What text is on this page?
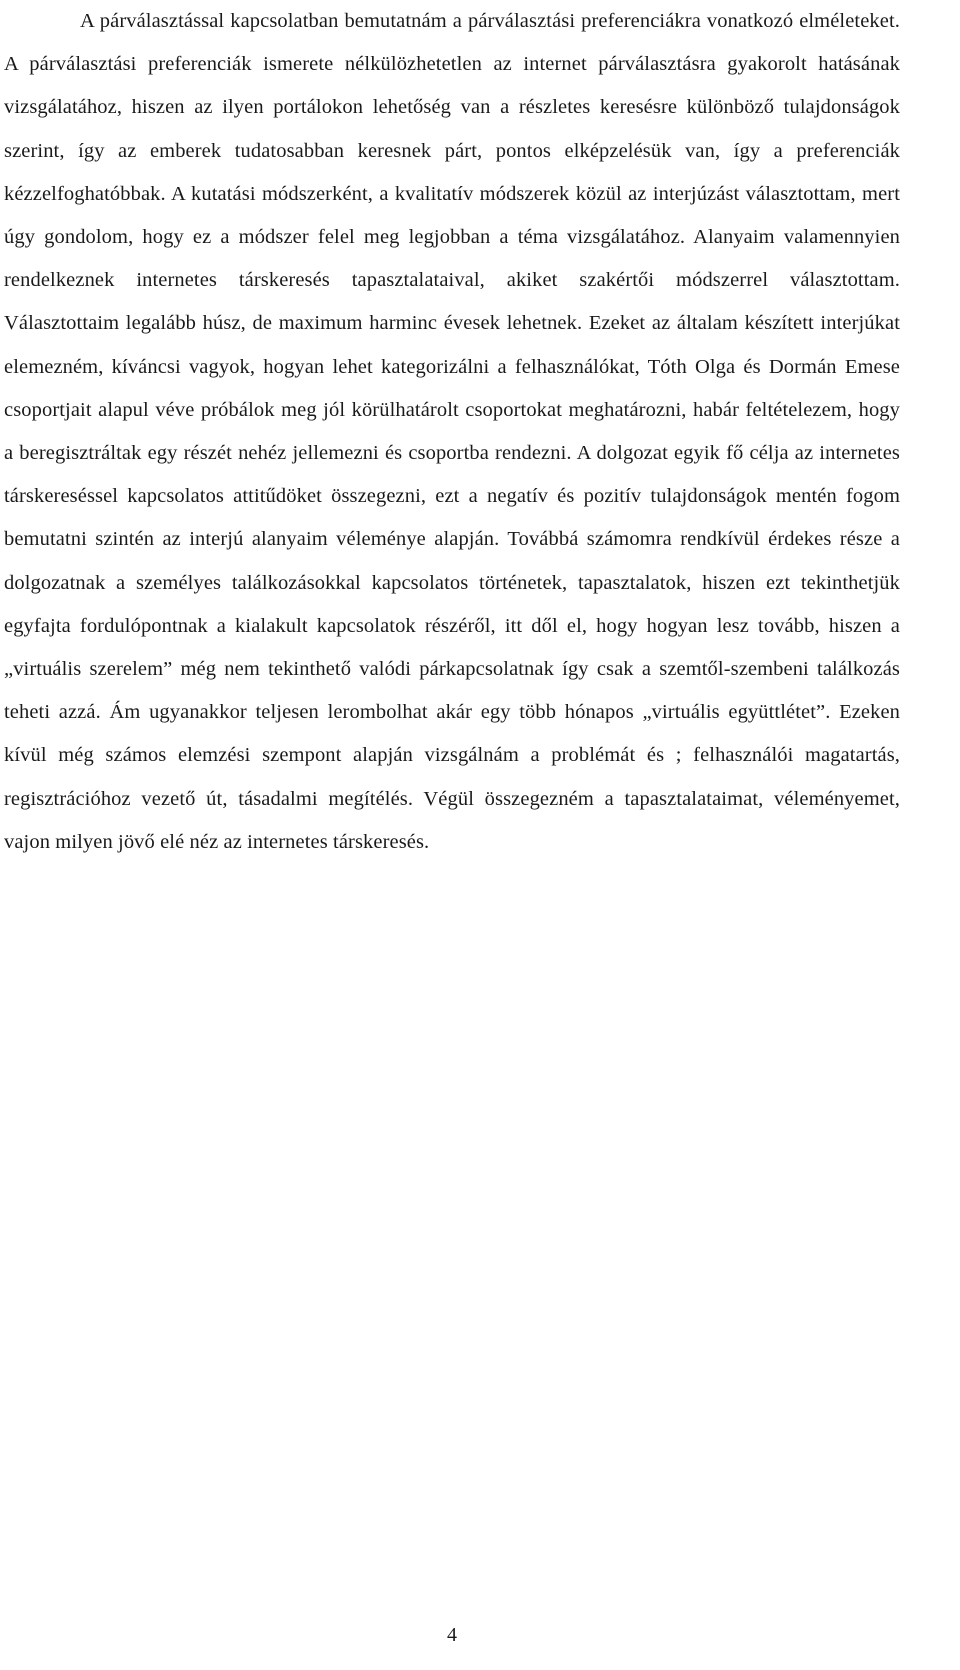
A párválasztással kapcsolatban bemutatnám a párválasztási preferenciákra vonatkozó elméleteket. A párválasztási preferenciák ismerete nélkülözhetetlen az internet párválasztásra gyakorolt hatásának vizsgálatához, hiszen az ilyen portálokon lehetőség van a részletes keresésre különböző tulajdonságok szerint, így az emberek tudatosabban keresnek párt, pontos elképzelésük van, így a preferenciák kézzelfoghatóbbak. A kutatási módszerként, a kvalitatív módszerek közül az interjúzást választottam, mert úgy gondolom, hogy ez a módszer felel meg legjobban a téma vizsgálatához. Alanyaim valamennyien rendelkeznek internetes társkeresés tapasztalataival, akiket szakértői módszerrel választottam. Választottaim legalább húsz, de maximum harminc évesek lehetnek. Ezeket az általam készített interjúkat elemezném, kíváncsi vagyok, hogyan lehet kategorizálni a felhasználókat, Tóth Olga és Dormán Emese csoportjait alapul véve próbálok meg jól körülhatárolt csoportokat meghatározni, habár feltételezem, hogy a beregisztráltak egy részét nehéz jellemezni és csoportba rendezni. A dolgozat egyik fő célja az internetes társkereséssel kapcsolatos attitűdöket összegezni, ezt a negatív és pozitív tulajdonságok mentén fogom bemutatni szintén az interjú alanyaim véleménye alapján. Továbbá számomra rendkívül érdekes része a dolgozatnak a személyes találkozásokkal kapcsolatos történetek, tapasztalatok, hiszen ezt tekinthetjük egyfajta fordulópontnak a kialakult kapcsolatok részéről, itt dől el, hogy hogyan lesz tovább, hiszen a „virtuális szerelem” még nem tekinthető valódi párkapcsolatnak így csak a szemtől-szembeni találkozás teheti azzá. Ám ugyanakkor teljesen lerombolhat akár egy több hónapos „virtuális együttlétet”. Ezeken kívül még számos elemzési szempont alapján vizsgálnám a problémát és ; felhasználói magatartás, regisztrációhoz vezető út, tásadalmi megítélés. Végül összegezném a tapasztalataimat, véleményemet, vajon milyen jövő elé néz az internetes társkeresés.

4
